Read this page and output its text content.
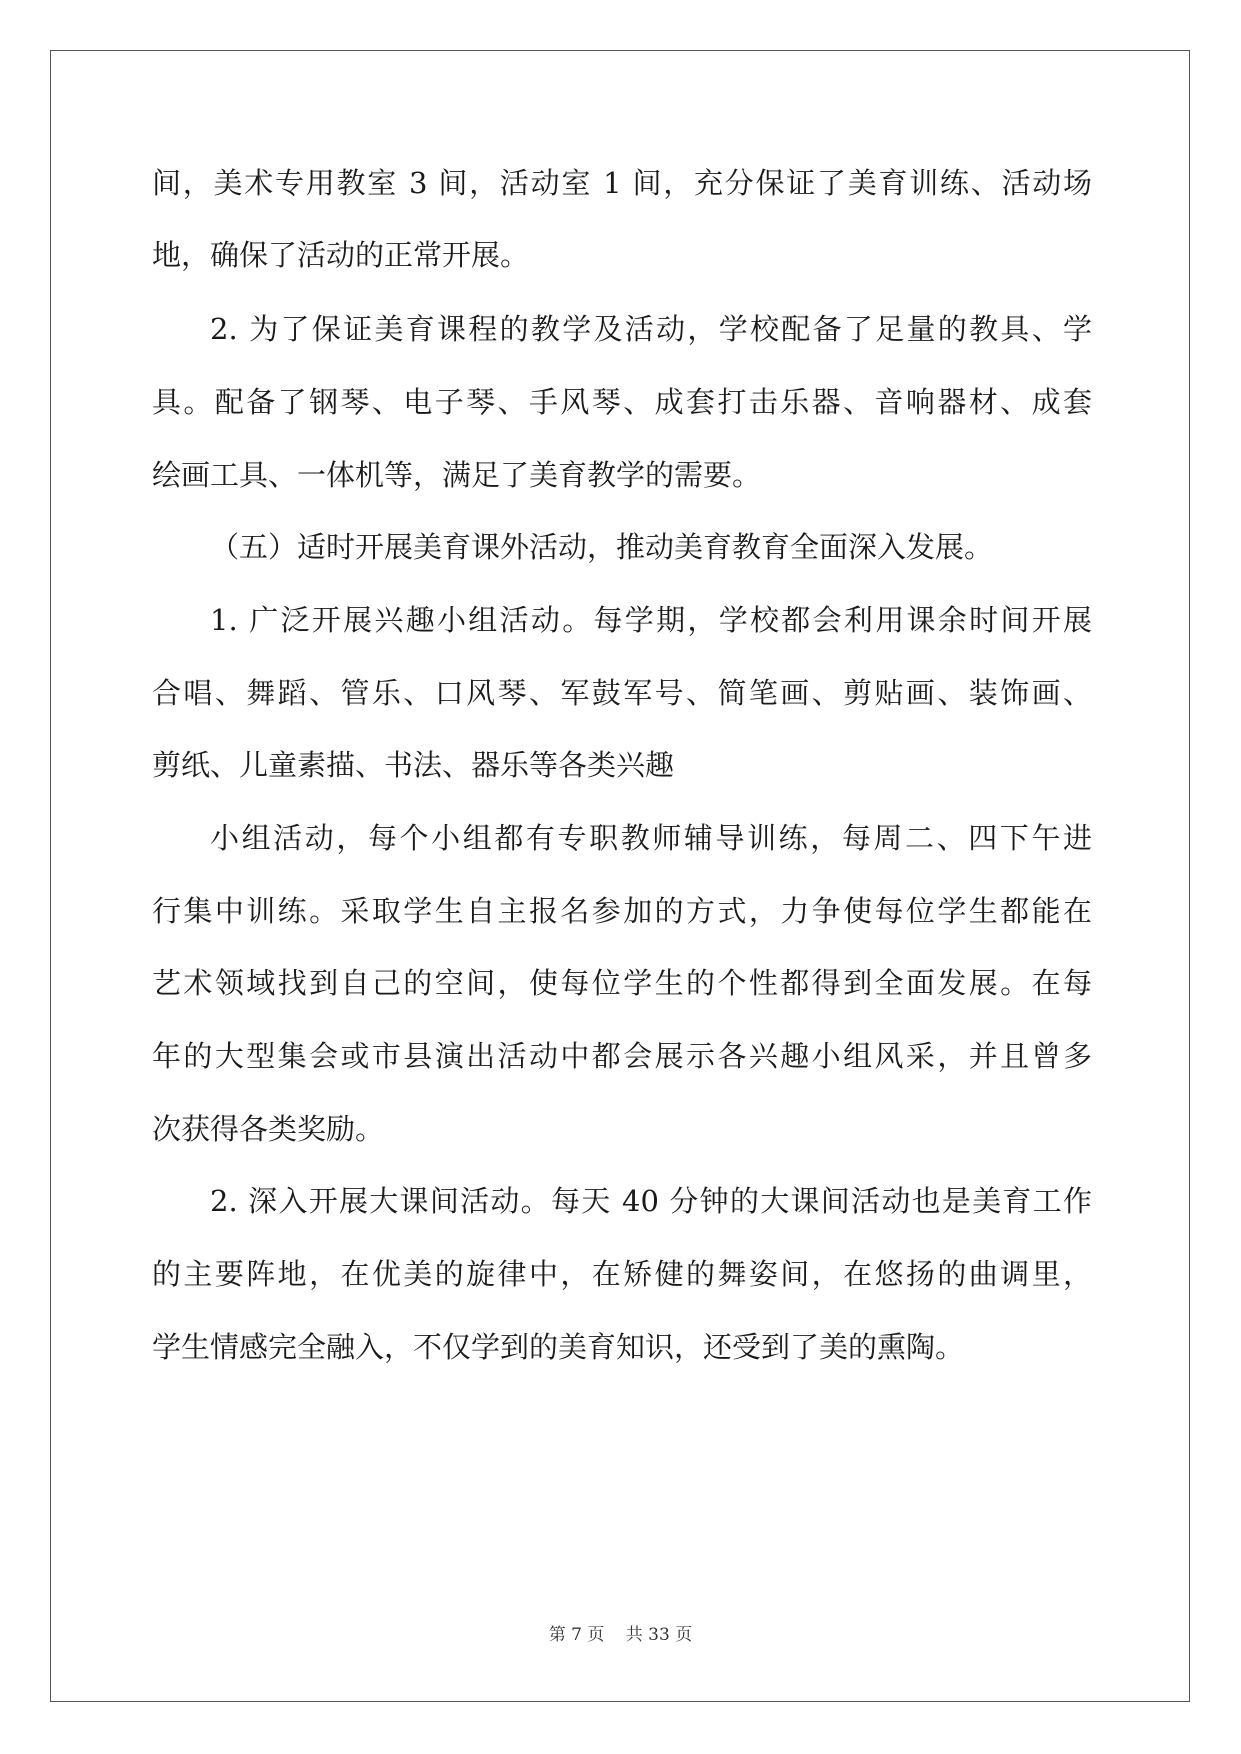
间，美术专用教室 3 间，活动室 1 间，充分保证了美育训练、活动场
地，确保了活动的正常开展。
2. 为了保证美育课程的教学及活动，学校配备了足量的教具、学
具。配备了钢琴、电子琴、手风琴、成套打击乐器、音响器材、成套
绘画工具、一体机等，满足了美育教学的需要。
（五）适时开展美育课外活动，推动美育教育全面深入发展。
1. 广泛开展兴趣小组活动。每学期，学校都会利用课余时间开展
合唱、舞蹈、管乐、口风琴、军鼓军号、简笔画、剪贴画、装饰画、
剪纸、儿童素描、书法、器乐等各类兴趣
小组活动，每个小组都有专职教师辅导训练，每周二、四下午进
行集中训练。采取学生自主报名参加的方式，力争使每位学生都能在
艺术领域找到自己的空间，使每位学生的个性都得到全面发展。在每
年的大型集会或市县演出活动中都会展示各兴趣小组风采，并且曾多
次获得各类奖励。
2. 深入开展大课间活动。每天 40 分钟的大课间活动也是美育工作
的主要阵地，在优美的旋律中，在矫健的舞姿间，在悠扬的曲调里，
学生情感完全融入，不仅学到的美育知识，还受到了美的熏陶。
第 7 页 共 33 页
